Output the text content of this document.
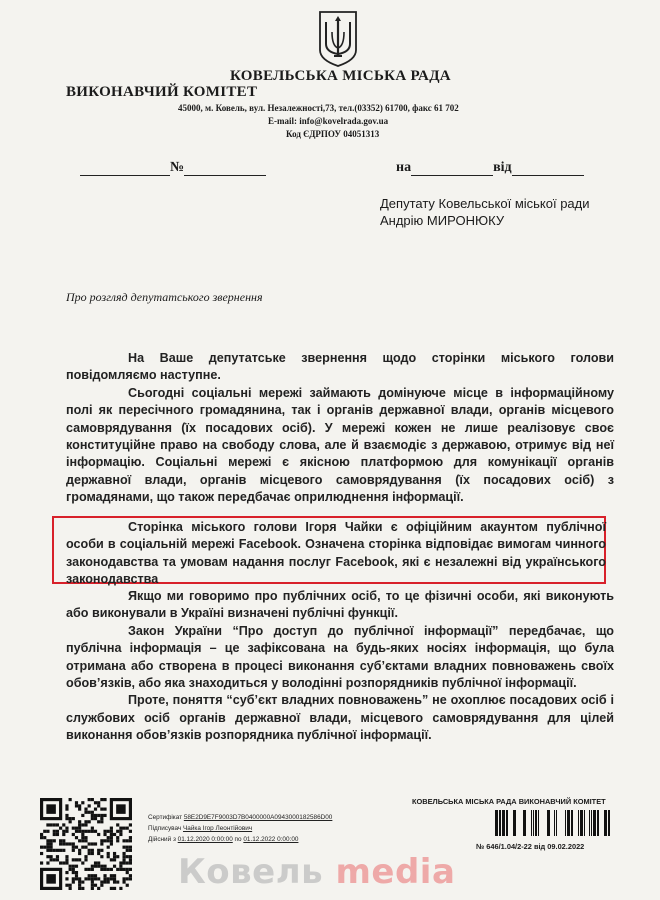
КОВЕЛЬСЬКА МІСЬКА РАДА
ВИКОНАВЧИЙ КОМІТЕТ
45000, м. Ковель, вул. Незалежності,73, тел.(03352) 61700, факс 61 702
E-mail: info@kovelrada.gov.ua
Код ЄДРПОУ 04051313
№	на	від
Депутату Ковельської міської ради
Андрію МИРОНЮКУ
Про розгляд депутатського звернення

На Ваше депутатське звернення щодо сторінки міського голови повідомляємо наступне.

Сьогодні соціальні мережі займають домінуюче місце в інформаційному полі як пересічного громадянина, так і органів державної влади, органів місцевого самоврядування (їх посадових осіб). У мережі кожен не лише реалізовує своє конституційне право на свободу слова, але й взаємодіє з державою, отримує від неї інформацію. Соціальні мережі є якісною платформою для комунікації органів державної влади, органів місцевого самоврядування (їх посадових осіб) з громадянами, що також передбачає оприлюднення інформації.

Сторінка міського голови Ігоря Чайки є офіційним акаунтом публічної особи в соціальній мережі Facebook. Означена сторінка відповідає вимогам чинного законодавства та умовам надання послуг Facebook, які є незалежні від українського законодавства

Якщо ми говоримо про публічних осіб, то це фізичні особи, які виконують або виконували в Україні визначені публічні функції.

Закон України “Про доступ до публічної інформації” передбачає, що публічна інформація – це зафіксована на будь-яких носіях інформація, що була отримана або створена в процесі виконання суб’єктами владних повноважень своїх обов’язків, або яка знаходиться у володінні розпорядників публічної інформації.

Проте, поняття “суб’єкт владних повноважень” не охоплює посадових осіб і службових осіб органів державної влади, місцевого самоврядування для цілей виконання обов’язків розпорядника публічної інформації.

Сертифікат 58E2D9E7F9003D7B0400000A0943000182586D00
Підписувач Чайка Ігор Леонтійович
Дійсний з 01.12.2020 0:00:00 по 01.12.2022 0:00:00
КОВЕЛЬСЬКА МІСЬКА РАДА ВИКОНАВЧИЙ КОМІТЕТ
№ 646/1.04/2-22 від 09.02.2022
Ковель media
